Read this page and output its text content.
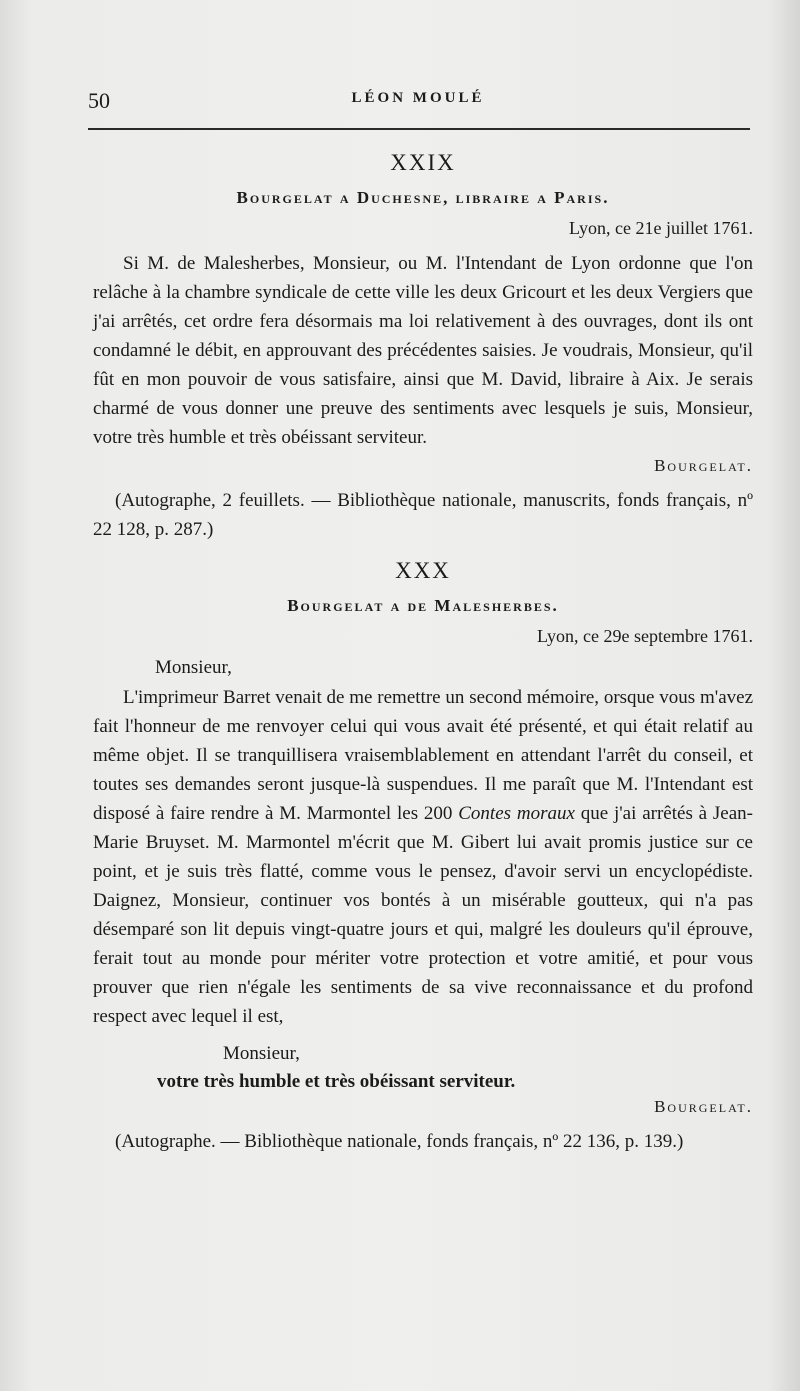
50	LÉON MOULÉ

XXIX

Bourgelat a Duchesne, libraire a Paris.

Lyon, ce 21e juillet 1761.

Si M. de Malesherbes, Monsieur, ou M. l'Intendant de Lyon ordonne que l'on relâche à la chambre syndicale de cette ville les deux Gricourt et les deux Vergiers que j'ai arrêtés, cet ordre fera désormais ma loi relativement à des ouvrages, dont ils ont condamné le débit, en approuvant des précédentes saisies. Je voudrais, Monsieur, qu'il fût en mon pouvoir de vous satisfaire, ainsi que M. David, libraire à Aix. Je serais charmé de vous donner une preuve des sentiments avec lesquels je suis, Monsieur, votre très humble et très obéissant serviteur.

Bourgelat.

(Autographe, 2 feuillets. — Bibliothèque nationale, manuscrits, fonds français, nº 22 128, p. 287.)

XXX

Bourgelat a de Malesherbes.

Lyon, ce 29e septembre 1761.

Monsieur,

L'imprimeur Barret venait de me remettre un second mémoire, orsque vous m'avez fait l'honneur de me renvoyer celui qui vous avait été présenté, et qui était relatif au même objet. Il se tranquillisera vraisemblablement en attendant l'arrêt du conseil, et toutes ses demandes seront jusque-là suspendues. Il me paraît que M. l'Intendant est disposé à faire rendre à M. Marmontel les 200 Contes moraux que j'ai arrêtés à Jean-Marie Bruyset. M. Marmontel m'écrit que M. Gibert lui avait promis justice sur ce point, et je suis très flatté, comme vous le pensez, d'avoir servi un encyclopédiste. Daignez, Monsieur, continuer vos bontés à un misérable goutteux, qui n'a pas désemparé son lit depuis vingt-quatre jours et qui, malgré les douleurs qu'il éprouve, ferait tout au monde pour mériter votre protection et votre amitié, et pour vous prouver que rien n'égale les sentiments de sa vive reconnaissance et du profond respect avec lequel il est,

Monsieur,

votre très humble et très obéissant serviteur.

Bourgelat.

(Autographe. — Bibliothèque nationale, fonds français, nº 22 136, p. 139.)
